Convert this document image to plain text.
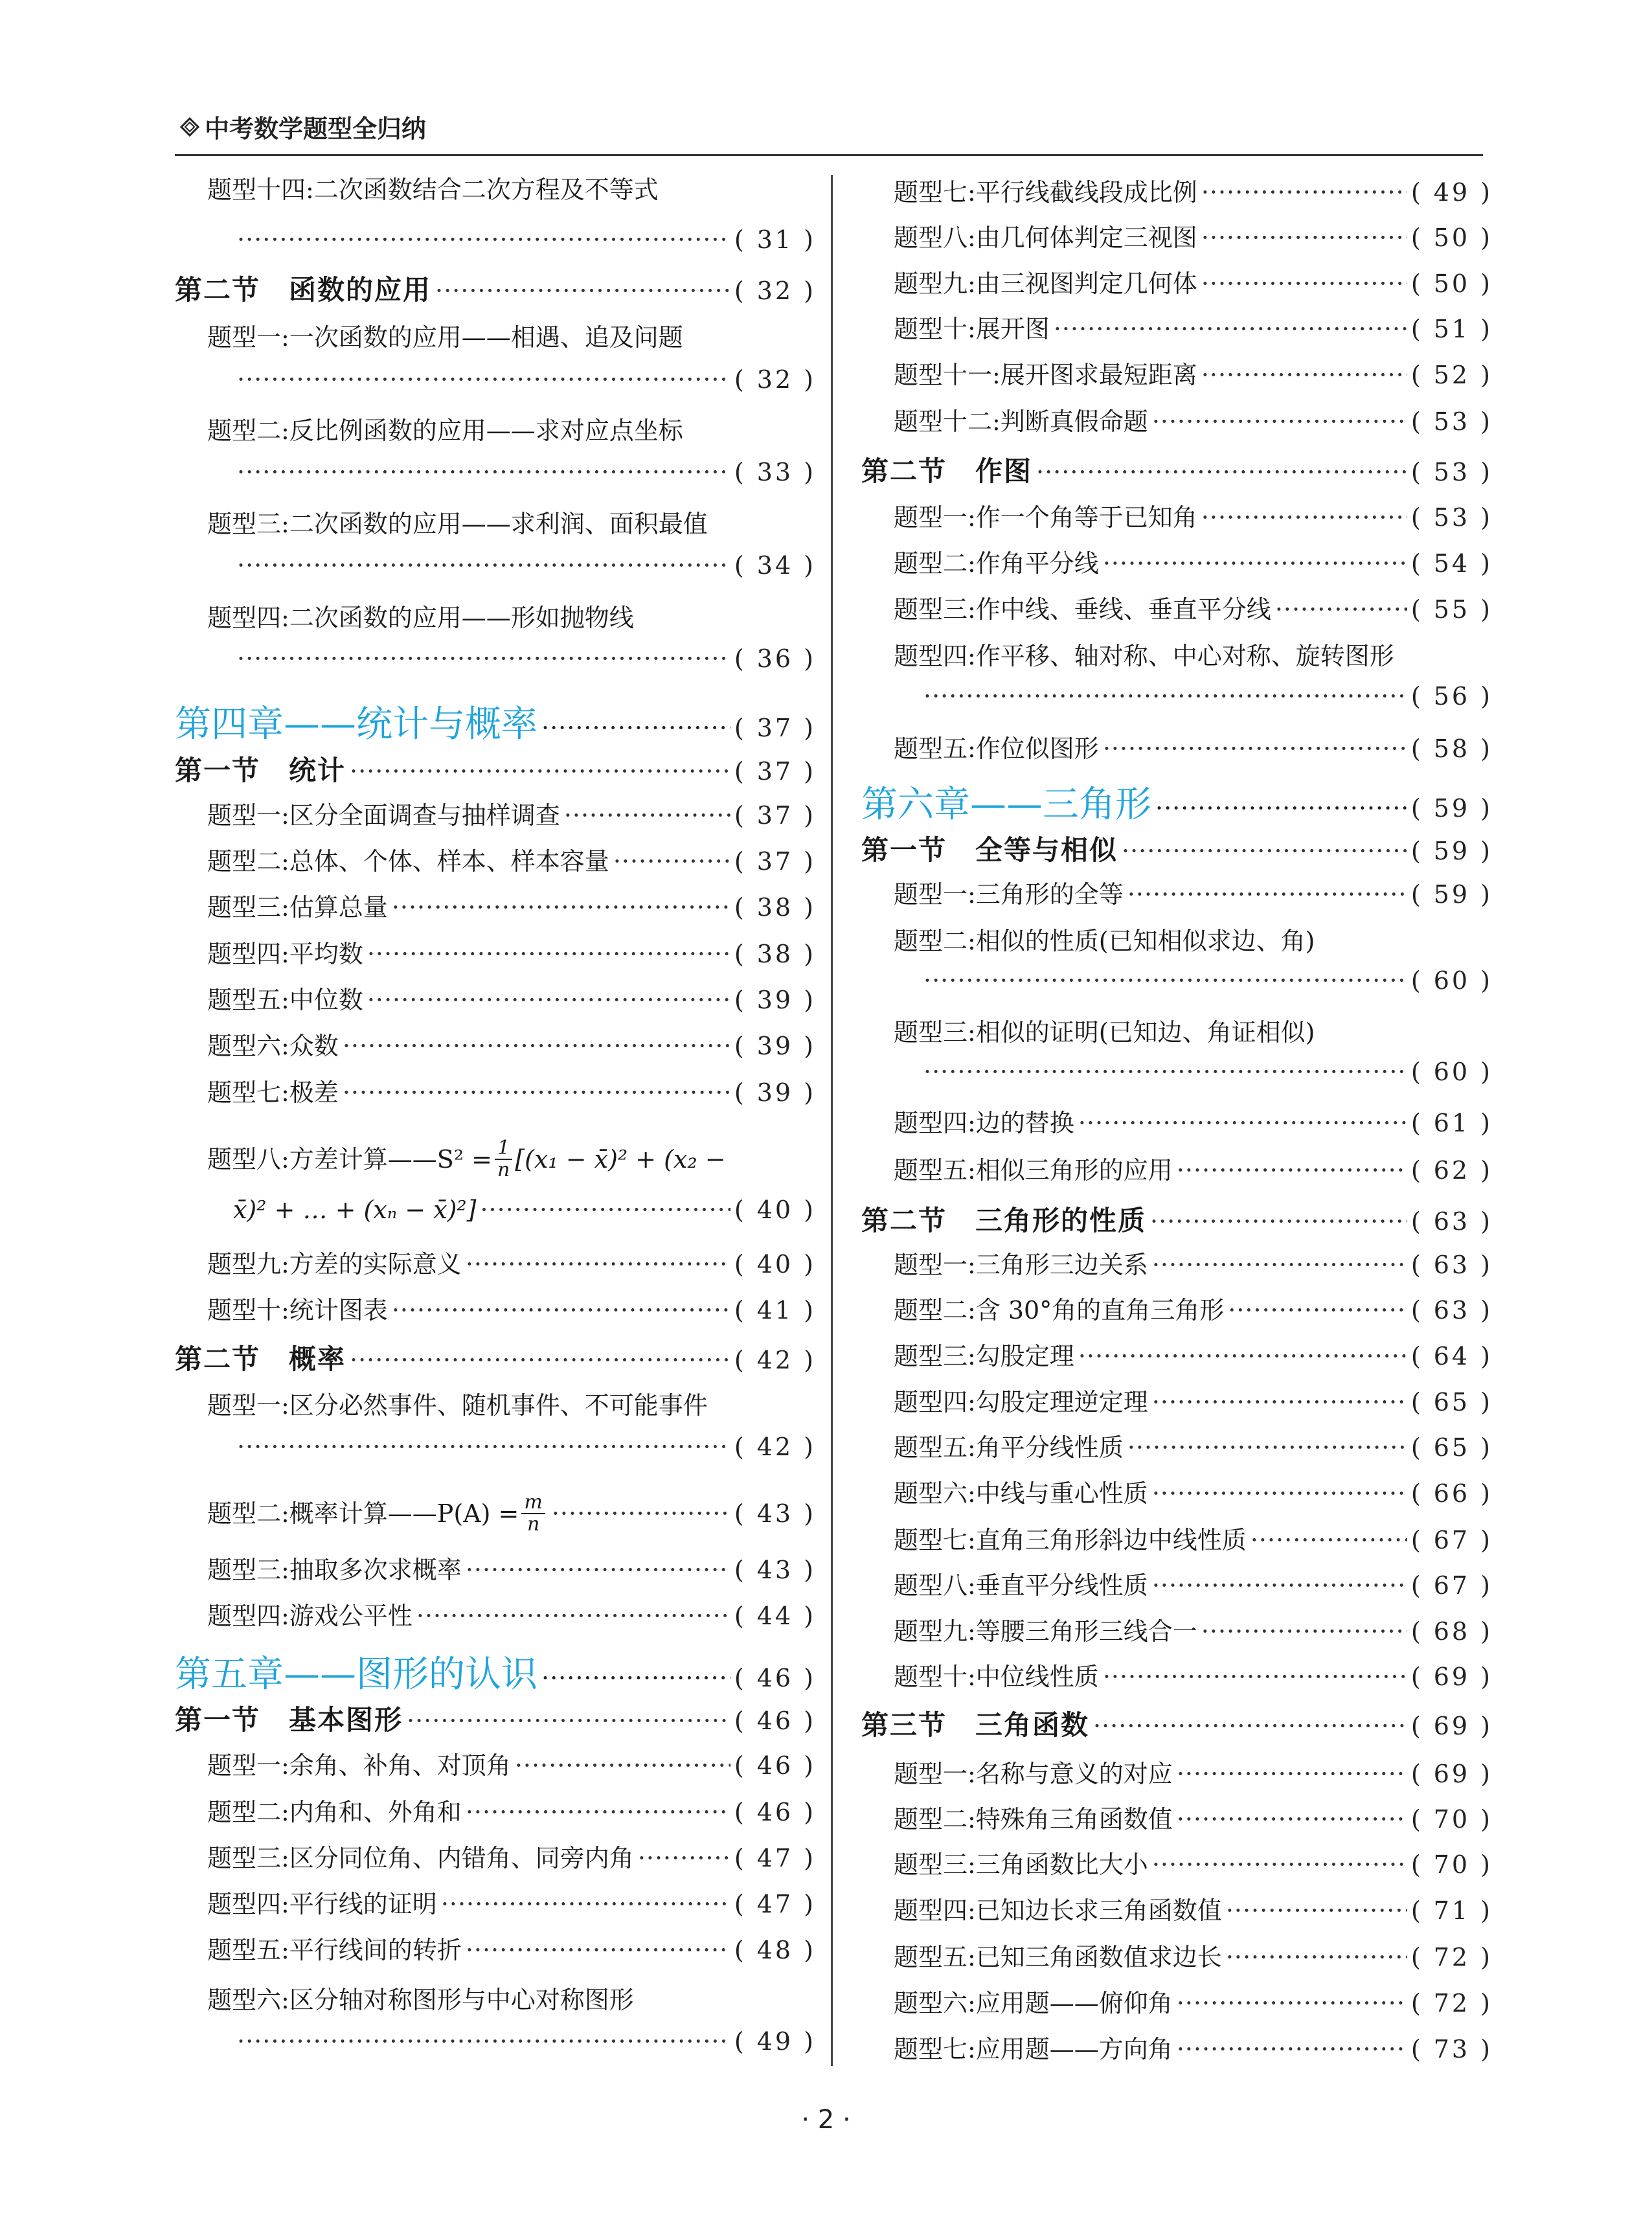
中考数学题型全归纳
题型十四:二次函数结合二次方程及不等式
·····
( 31 )
第二节　函数的应用 ·····	( 32 )
题型一:一次函数的应用——相遇、追及问题
·····
( 32 )
题型二:反比例函数的应用——求对应点坐标
·····
( 33 )
题型三:二次函数的应用——求利润、面积最值
·····
( 34 )
题型四:二次函数的应用——形如抛物线
·····
( 36 )
第四章——统计与概率 ·····	( 37 )
第一节　统计 ·····	( 37 )
题型一:区分全面调查与抽样调查 ·····	( 37 )
题型二:总体、个体、样本、样本容量 ·····	( 37 )
题型三:估算总量 ·····	( 38 )
题型四:平均数 ·····	( 38 )
题型五:中位数 ·····	( 39 )
题型六:众数 ·····	( 39 )
题型七:极差 ·····	( 39 )
题型八:方差计算——S² = $\frac{1}{n} [(x_1$ − x̄)² + (x₂ −
x̄)² + … + (xₙ − x̄)²] ·····	( 40 )
题型九:方差的实际意义 ·····	( 40 )
题型十:统计图表 ·····	( 41 )
第二节　概率 ·····	( 42 )
题型一:区分必然事件、随机事件、不可能事件
·····
( 42 )
题型二:概率计算——P(A) = $\frac{m}{n}$ ·····	( 43 )
题型三:抽取多次求概率 ·····	( 43 )
题型四:游戏公平性 ·····	( 44 )
第五章——图形的认识 ·····	( 46 )
第一节　基本图形 ·····	( 46 )
题型一:余角、补角、对顶角 ·····	( 46 )
题型二:内角和、外角和 ·····	( 46 )
题型三:区分同位角、内错角、同旁内角 ·····	( 47 )
题型四:平行线的证明 ·····	( 47 )
题型五:平行线间的转折 ·····	( 48 )
题型六:区分轴对称图形与中心对称图形
·····
( 49 )
题型七:平行线截线段成比例 ·····	( 49 )
题型八:由几何体判定三视图 ·····	( 50 )
题型九:由三视图判定几何体 ·····	( 50 )
题型十:展开图 ·····	( 51 )
题型十一:展开图求最短距离 ·····	( 52 )
题型十二:判断真假命题 ·····	( 53 )
第二节　作图 ·····	( 53 )
题型一:作一个角等于已知角 ·····	( 53 )
题型二:作角平分线 ·····	( 54 )
题型三:作中线、垂线、垂直平分线 ·····	( 55 )
题型四:作平移、轴对称、中心对称、旋转图形
·····
( 56 )
题型五:作位似图形 ·····	( 58 )
第六章——三角形 ·····	( 59 )
第一节　全等与相似 ·····	( 59 )
题型一:三角形的全等 ·····	( 59 )
题型二:相似的性质(已知相似求边、角)
·····
( 60 )
题型三:相似的证明(已知边、角证相似)
·····
( 60 )
题型四:边的替换 ·····	( 61 )
题型五:相似三角形的应用 ·····	( 62 )
第二节　三角形的性质 ·····	( 63 )
题型一:三角形三边关系 ·····	( 63 )
题型二:含 30°角的直角三角形 ·····	( 63 )
题型三:勾股定理 ·····	( 64 )
题型四:勾股定理逆定理 ·····	( 65 )
题型五:角平分线性质 ·····	( 65 )
题型六:中线与重心性质 ·····	( 66 )
题型七:直角三角形斜边中线性质 ·····	( 67 )
题型八:垂直平分线性质 ·····	( 67 )
题型九:等腰三角形三线合一 ·····	( 68 )
题型十:中位线性质 ·····	( 69 )
第三节　三角函数 ·····	( 69 )
题型一:名称与意义的对应 ·····	( 69 )
题型二:特殊角三角函数值 ·····	( 70 )
题型三:三角函数比大小 ·····	( 70 )
题型四:已知边长求三角函数值 ·····	( 71 )
题型五:已知三角函数值求边长 ·····	( 72 )
题型六:应用题——俯仰角 ·····	( 72 )
题型七:应用题——方向角 ·····	( 73 )
· 2 ·
